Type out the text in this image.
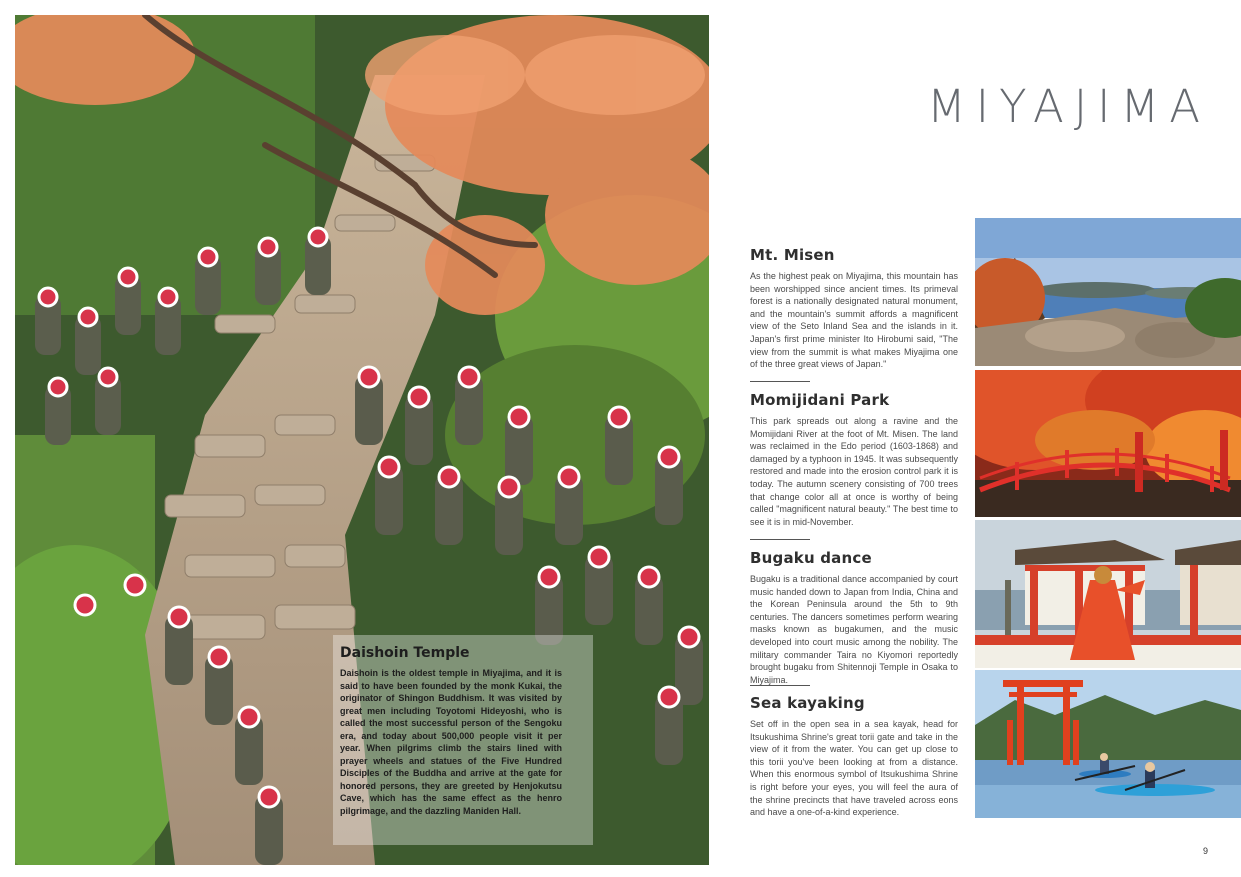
Daishoin Temple

Daishoin is the oldest temple in Miyajima, and it is said to have been founded by the monk Kukai, the originator of Shingon Buddhism. It was visited by great men including Toyotomi Hideyoshi, who is called the most successful person of the Sengoku era, and today about 500,000 people visit it per year. When pilgrims climb the stairs lined with prayer wheels and statues of the Five Hundred Disciples of the Buddha and arrive at the gate for honored persons, they are greeted by Henjokutsu Cave, which has the same effect as the henro pilgrimage, and the dazzling Maniden Hall.

MIYAJIMA
Mt. Misen

As the highest peak on Miyajima, this mountain has been worshipped since ancient times. Its primeval forest is a nationally designated natural monument, and the mountain's summit affords a magnificent view of the Seto Inland Sea and the islands in it. Japan's first prime minister Ito Hirobumi said, "The view from the summit is what makes Miyajima one of the three great views of Japan."

Momijidani Park

This park spreads out along a ravine and the Momijidani River at the foot of Mt. Misen. The land was reclaimed in the Edo period (1603-1868) and damaged by a typhoon in 1945. It was subsequently restored and made into the erosion control park it is today. The autumn scenery consisting of 700 trees that change color all at once is worthy of being called "magnificent natural beauty." The best time to see it is in mid-November.

Bugaku dance

Bugaku is a traditional dance accompanied by court music handed down to Japan from India, China and the Korean Peninsula around the 5th to 9th centuries. The dancers sometimes perform wearing masks known as bugakumen, and the music developed into court music among the nobility. The military commander Taira no Kiyomori reportedly brought bugaku from Shitennoji Temple in Osaka to Miyajima.

Sea kayaking

Set off in the open sea in a sea kayak, head for Itsukushima Shrine's great torii gate and take in the view of it from the water. You can get up close to this torii you've been looking at from a distance. When this enormous symbol of Itsukushima Shrine is right before your eyes, you will feel the aura of the shrine precincts that have traveled across eons and have a one-of-a-kind experience.

9
